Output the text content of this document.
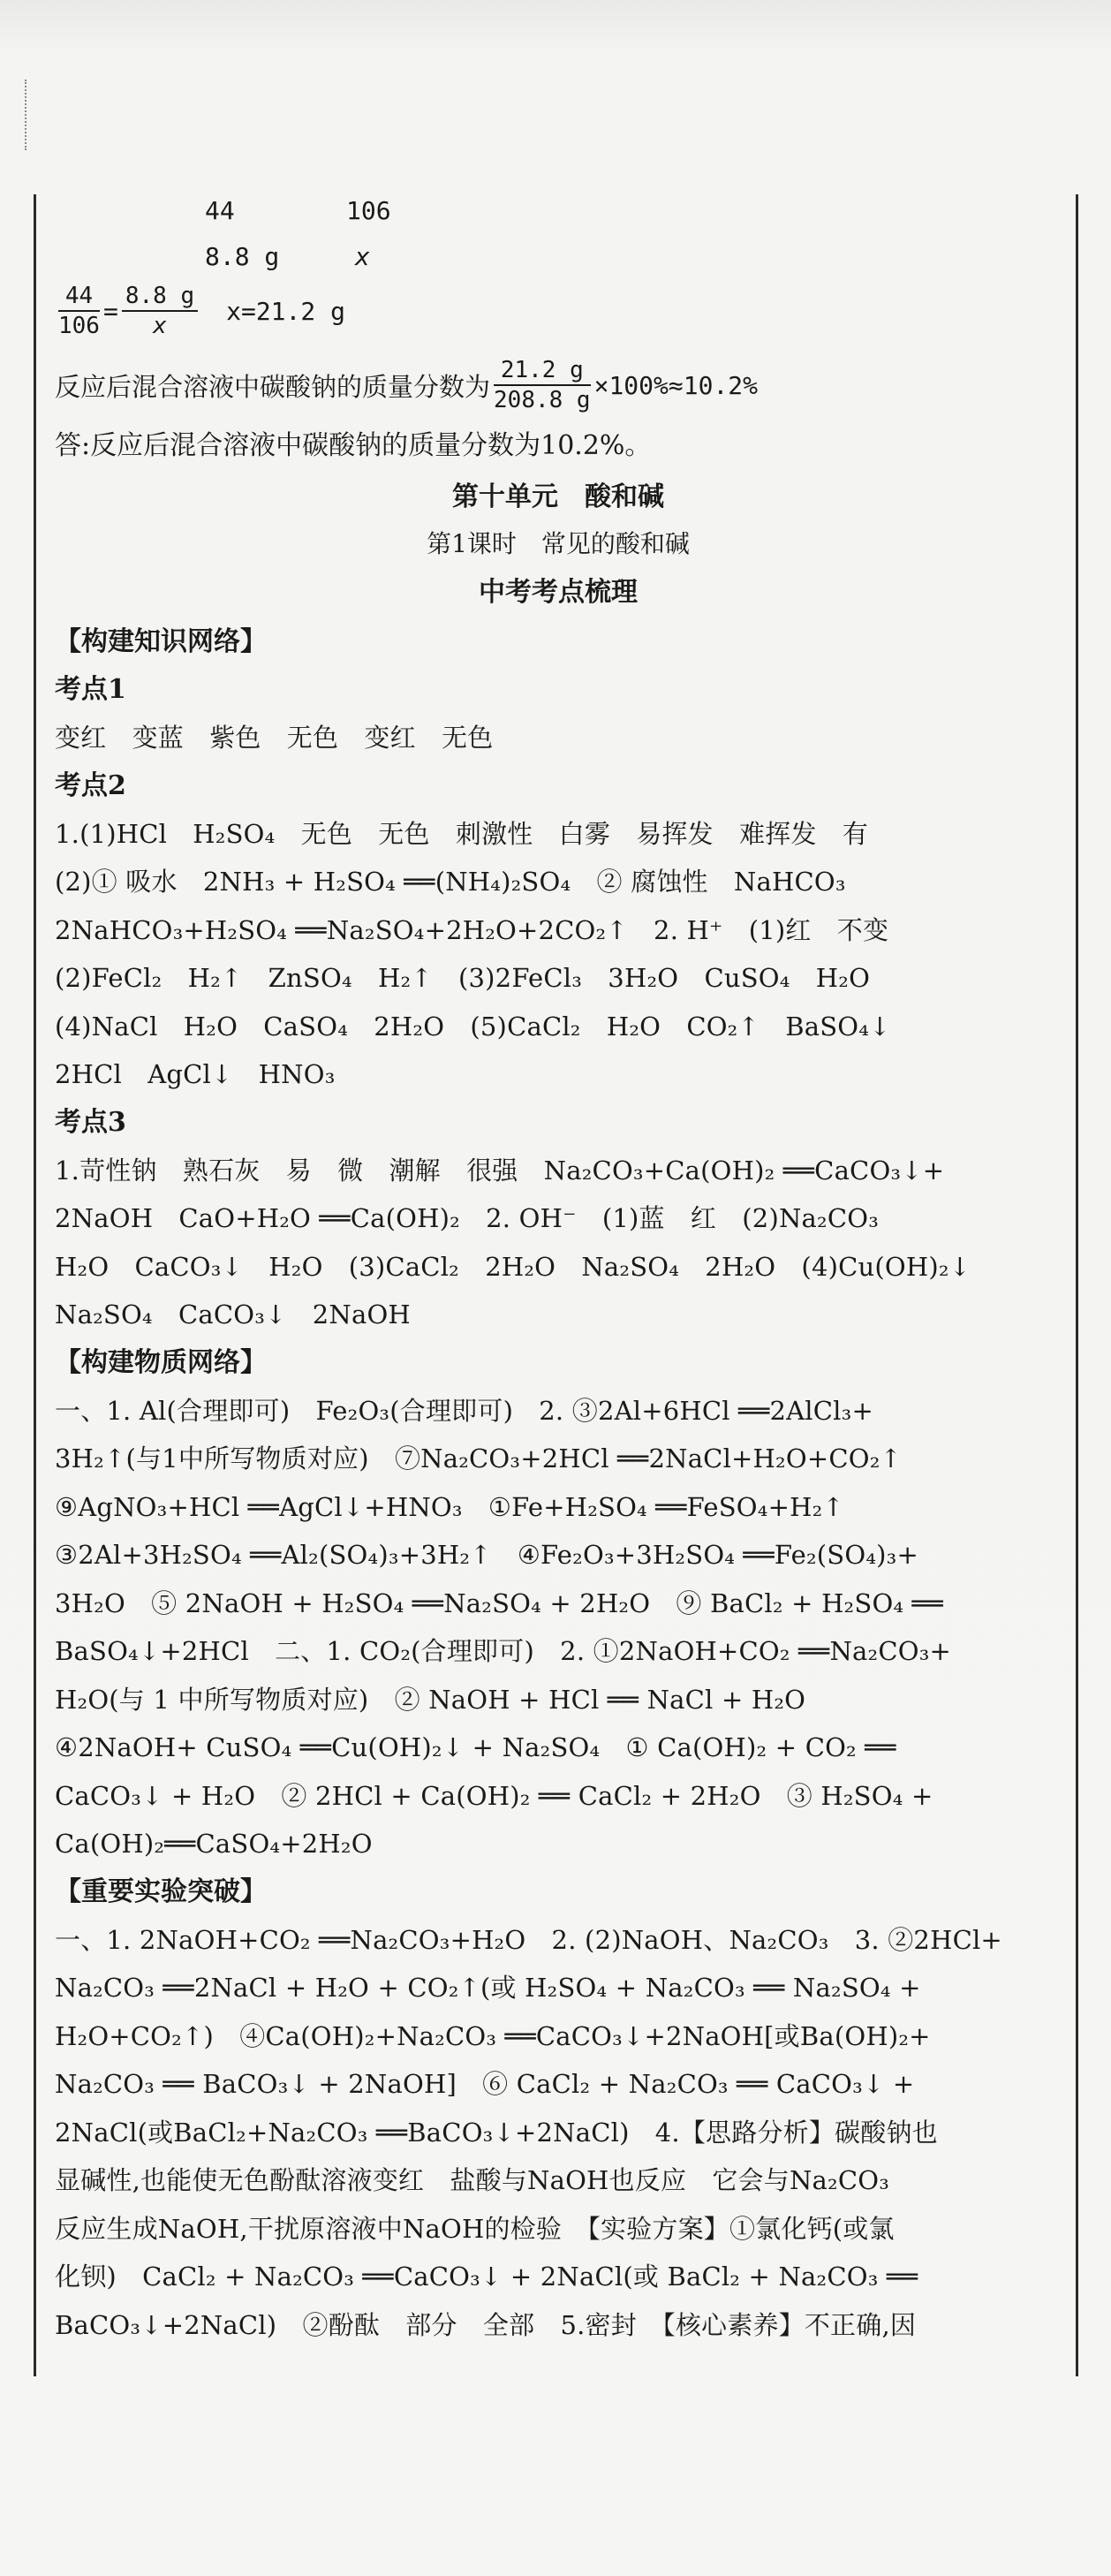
44	106
8.8 g	x
$\frac{44}{106} = \frac{8.8 g}{x} x=21.2$ g
反应后混合溶液中碳酸钠的质量分数为 $\frac{21.2 g}{208.8 g} \times 100\%\approx 10.2\%$
答:反应后混合溶液中碳酸钠的质量分数为10.2%。
第十单元　酸和碱
第1课时　常见的酸和碱
中考考点梳理
【构建知识网络】
考点1
变红　变蓝　紫色　无色　变红　无色
考点2
1.(1)HCl　H₂SO₄　无色　无色　刺激性　白雾　易挥发　难挥发　有
(2)① 吸水　2NH₃ + H₂SO₄ ══(NH₄)₂SO₄　② 腐蚀性　NaHCO₃
2NaHCO₃+H₂SO₄ ══Na₂SO₄+2H₂O+2CO₂↑　2. H⁺　(1)红　不变
(2)FeCl₂　H₂↑　ZnSO₄　H₂↑　(3)2FeCl₃　3H₂O　CuSO₄　H₂O
(4)NaCl　H₂O　CaSO₄　2H₂O　(5)CaCl₂　H₂O　CO₂↑　BaSO₄↓
2HCl　AgCl↓　HNO₃
考点3
1.苛性钠　熟石灰　易　微　潮解　很强　Na₂CO₃+Ca(OH)₂ ══CaCO₃↓+
2NaOH　CaO+H₂O ══Ca(OH)₂　2. OH⁻　(1)蓝　红　(2)Na₂CO₃
H₂O　CaCO₃↓　H₂O　(3)CaCl₂　2H₂O　Na₂SO₄　2H₂O　(4)Cu(OH)₂↓
Na₂SO₄　CaCO₃↓　2NaOH
【构建物质网络】
一、1. Al(合理即可)　Fe₂O₃(合理即可)　2. ③2Al+6HCl ══2AlCl₃+
3H₂↑(与1中所写物质对应)　⑦Na₂CO₃+2HCl ══2NaCl+H₂O+CO₂↑
⑨AgNO₃+HCl ══AgCl↓+HNO₃　①Fe+H₂SO₄ ══FeSO₄+H₂↑
③2Al+3H₂SO₄ ══Al₂(SO₄)₃+3H₂↑　④Fe₂O₃+3H₂SO₄ ══Fe₂(SO₄)₃+
3H₂O　⑤ 2NaOH + H₂SO₄ ══Na₂SO₄ + 2H₂O　⑨ BaCl₂ + H₂SO₄ ══
BaSO₄↓+2HCl　二、1. CO₂(合理即可)　2. ①2NaOH+CO₂ ══Na₂CO₃+
H₂O(与 1 中所写物质对应)　② NaOH + HCl ══ NaCl + H₂O
④2NaOH+ CuSO₄ ══Cu(OH)₂↓ + Na₂SO₄　① Ca(OH)₂ + CO₂ ══
CaCO₃↓ + H₂O　② 2HCl + Ca(OH)₂ ══ CaCl₂ + 2H₂O　③ H₂SO₄ +
Ca(OH)₂══CaSO₄+2H₂O
【重要实验突破】
一、1. 2NaOH+CO₂ ══Na₂CO₃+H₂O　2. (2)NaOH、Na₂CO₃　3. ②2HCl+
Na₂CO₃ ══2NaCl + H₂O + CO₂↑(或 H₂SO₄ + Na₂CO₃ ══ Na₂SO₄ +
H₂O+CO₂↑)　④Ca(OH)₂+Na₂CO₃ ══CaCO₃↓+2NaOH[或Ba(OH)₂+
Na₂CO₃ ══ BaCO₃↓ + 2NaOH]　⑥ CaCl₂ + Na₂CO₃ ══ CaCO₃↓ +
2NaCl(或BaCl₂+Na₂CO₃ ══BaCO₃↓+2NaCl)　4.【思路分析】碳酸钠也
显碱性,也能使无色酚酞溶液变红　盐酸与NaOH也反应　它会与Na₂CO₃
反应生成NaOH,干扰原溶液中NaOH的检验　【实验方案】①氯化钙(或氯
化钡)　CaCl₂ + Na₂CO₃ ══CaCO₃↓ + 2NaCl(或 BaCl₂ + Na₂CO₃ ══
BaCO₃↓+2NaCl)　②酚酞　部分　全部　5.密封　【核心素养】不正确,因
